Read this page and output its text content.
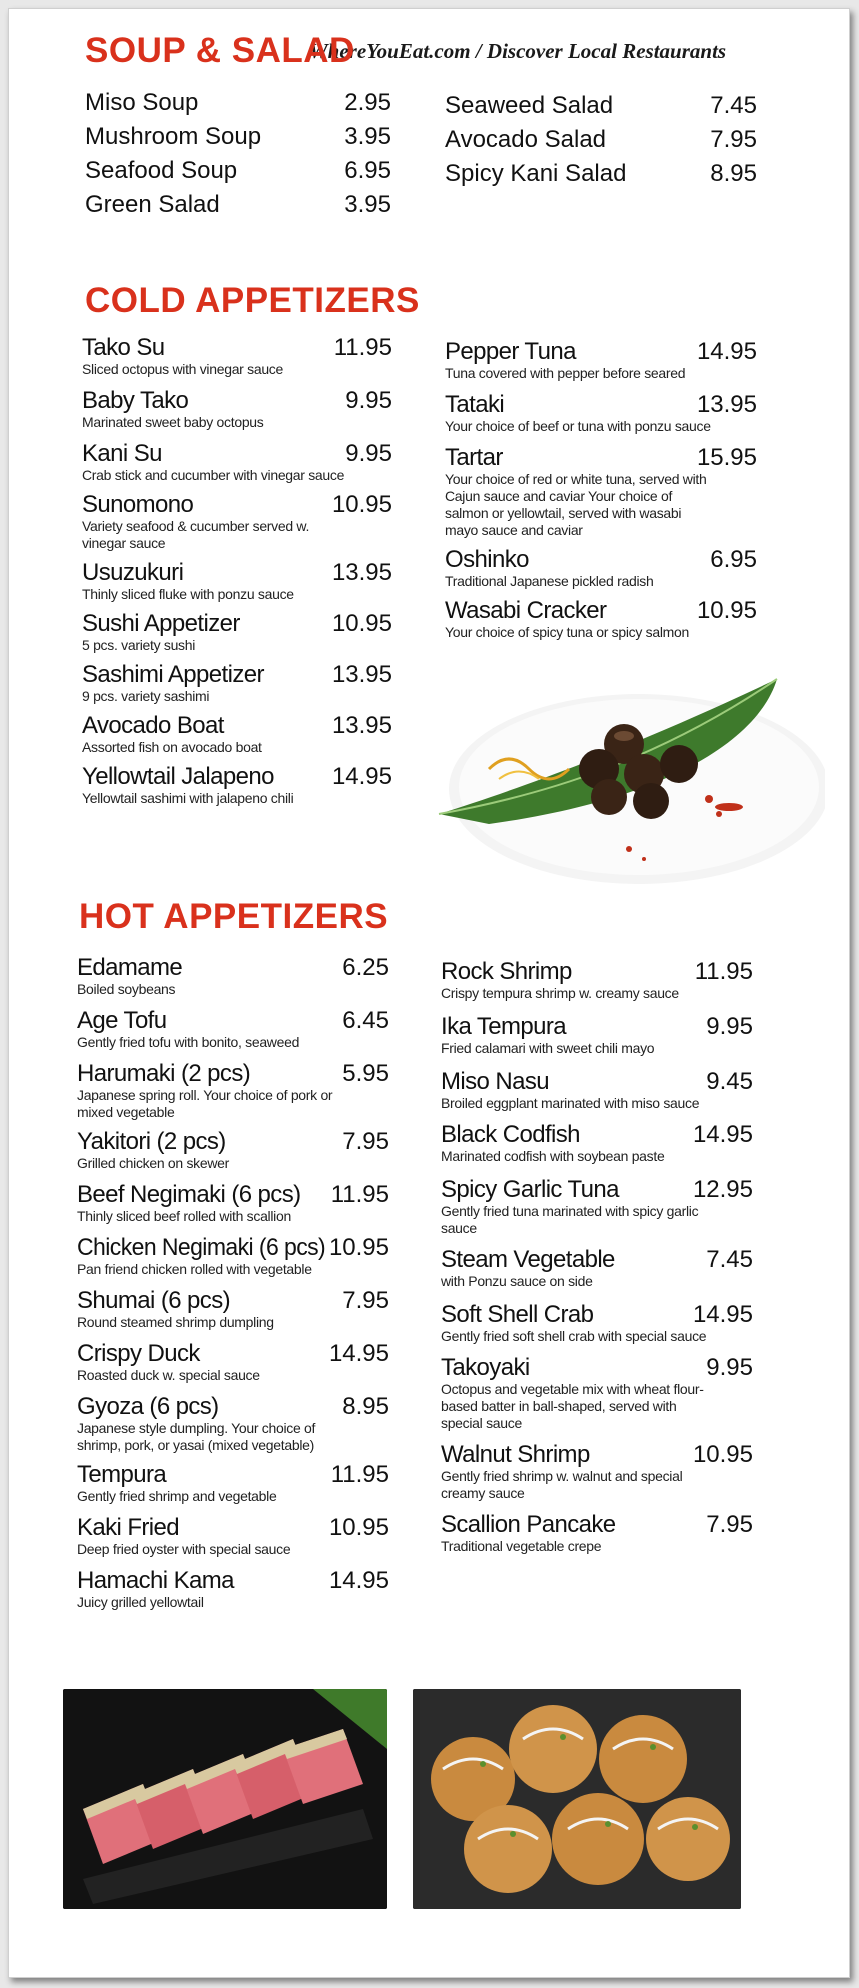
WhereYouEat.com / Discover Local Restaurants
SOUP & SALAD
Miso Soup	2.95
Mushroom Soup	3.95
Seafood Soup	6.95
Green Salad	3.95
Seaweed Salad	7.45
Avocado Salad	7.95
Spicy Kani Salad	8.95
COLD APPETIZERS
Tako Su	11.95
Sliced octopus with vinegar sauce
Baby Tako	9.95
Marinated sweet baby octopus
Kani Su	9.95
Crab stick and cucumber with vinegar sauce
Sunomono	10.95
Variety seafood & cucumber served w. vinegar sauce
Usuzukuri	13.95
Thinly sliced fluke with ponzu sauce
Sushi Appetizer	10.95
5 pcs. variety sushi
Sashimi Appetizer	13.95
9 pcs. variety sashimi
Avocado Boat	13.95
Assorted fish on avocado boat
Yellowtail Jalapeno 14.95
Yellowtail sashimi with jalapeno chili
Pepper Tuna	14.95
Tuna covered with pepper before seared
Tataki	13.95
Your choice of beef or tuna with ponzu sauce
Tartar	15.95
Your choice of red or white tuna, served with Cajun sauce and caviar Your choice of salmon or yellowtail, served with wasabi mayo sauce and caviar
Oshinko	6.95
Traditional Japanese pickled radish
Wasabi Cracker	10.95
Your choice of spicy tuna or spicy salmon
HOT APPETIZERS
Edamame	6.25
Boiled soybeans
Age Tofu	6.45
Gently fried tofu with bonito, seaweed
Harumaki (2 pcs)	5.95
Japanese spring roll. Your choice of pork or mixed vegetable
Yakitori (2 pcs)	7.95
Grilled chicken on skewer
Beef Negimaki (6 pcs) 11.95
Thinly sliced beef rolled with scallion
Chicken Negimaki (6 pcs) 10.95
Pan friend chicken rolled with vegetable
Shumai (6 pcs)	7.95
Round steamed shrimp dumpling
Crispy Duck	14.95
Roasted duck w. special sauce
Gyoza (6 pcs)	8.95
Japanese style dumpling. Your choice of shrimp, pork, or yasai (mixed vegetable)
Tempura	11.95
Gently fried shrimp and vegetable
Kaki Fried	10.95
Deep fried oyster with special sauce
Hamachi Kama	14.95
Juicy grilled yellowtail
Rock Shrimp	11.95
Crispy tempura shrimp w. creamy sauce
Ika Tempura	9.95
Fried calamari with sweet chili mayo
Miso Nasu	9.45
Broiled eggplant marinated with miso sauce
Black Codfish	14.95
Marinated codfish with soybean paste
Spicy Garlic Tuna	12.95
Gently fried tuna marinated with spicy garlic sauce
Steam Vegetable	7.45
with Ponzu sauce on side
Soft Shell Crab	14.95
Gently fried soft shell crab with special sauce
Takoyaki	9.95
Octopus and vegetable mix with wheat flour-based batter in ball-shaped, served with special sauce
Walnut Shrimp	10.95
Gently fried shrimp w. walnut and special creamy sauce
Scallion Pancake	7.95
Traditional vegetable crepe
